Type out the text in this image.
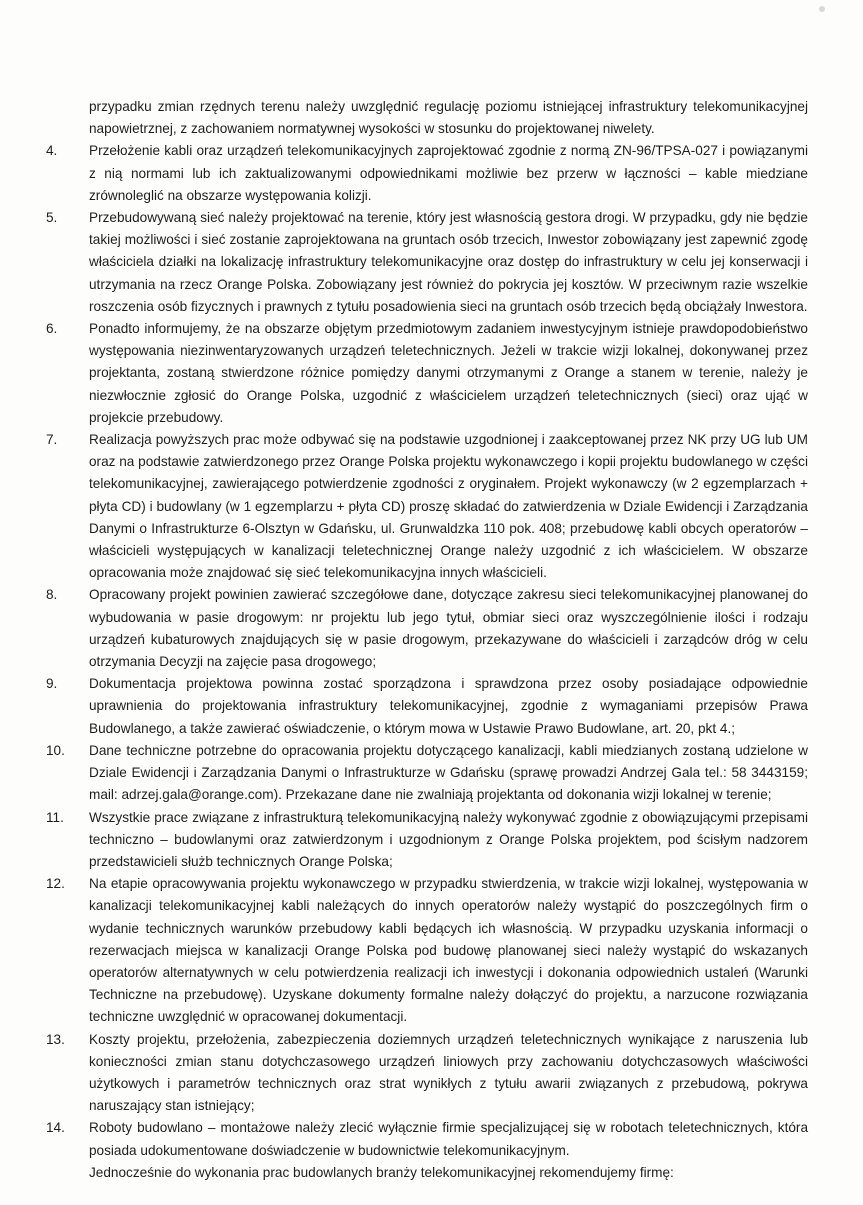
przypadku zmian rzędnych terenu należy uwzględnić regulację poziomu istniejącej infrastruktury telekomunikacyjnej napowietrznej, z zachowaniem normatywnej wysokości w stosunku do projektowanej niwelety.
4. Przełożenie kabli oraz urządzeń telekomunikacyjnych zaprojektować zgodnie z normą ZN-96/TPSA-027 i powiązanymi z nią normami lub ich zaktualizowanymi odpowiednikami możliwie bez przerw w łączności – kable miedziane zrównoleglić na obszarze występowania kolizji.
5. Przebudowywaną sieć należy projektować na terenie, który jest własnością gestora drogi. W przypadku, gdy nie będzie takiej możliwości i sieć zostanie zaprojektowana na gruntach osób trzecich, Inwestor zobowiązany jest zapewnić zgodę właściciela działki na lokalizację infrastruktury telekomunikacyjne oraz dostęp do infrastruktury w celu jej konserwacji i utrzymania na rzecz Orange Polska. Zobowiązany jest również do pokrycia jej kosztów. W przeciwnym razie wszelkie roszczenia osób fizycznych i prawnych z tytułu posadowienia sieci na gruntach osób trzecich będą obciążały Inwestora.
6. Ponadto informujemy, że na obszarze objętym przedmiotowym zadaniem inwestycyjnym istnieje prawdopodobieństwo występowania niezinwentaryzowanych urządzeń teletechnicznych. Jeżeli w trakcie wizji lokalnej, dokonywanej przez projektanta, zostaną stwierdzone różnice pomiędzy danymi otrzymanymi z Orange a stanem w terenie, należy je niezwłocznie zgłosić do Orange Polska, uzgodnić z właścicielem urządzeń teletechnicznych (sieci) oraz ująć w projekcie przebudowy.
7. Realizacja powyższych prac może odbywać się na podstawie uzgodnionej i zaakceptowanej przez NK przy UG lub UM oraz na podstawie zatwierdzonego przez Orange Polska projektu wykonawczego i kopii projektu budowlanego w części telekomunikacyjnej, zawierającego potwierdzenie zgodności z oryginałem. Projekt wykonawczy (w 2 egzemplarzach + płyta CD) i budowlany (w 1 egzemplarzu + płyta CD) proszę składać do zatwierdzenia w Dziale Ewidencji i Zarządzania Danymi o Infrastrukturze 6-Olsztyn w Gdańsku, ul. Grunwaldzka 110 pok. 408; przebudowę kabli obcych operatorów – właścicieli występujących w kanalizacji teletechnicznej Orange należy uzgodnić z ich właścicielem. W obszarze opracowania może znajdować się sieć telekomunikacyjna innych właścicieli.
8. Opracowany projekt powinien zawierać szczegółowe dane, dotyczące zakresu sieci telekomunikacyjnej planowanej do wybudowania w pasie drogowym: nr projektu lub jego tytuł, obmiar sieci oraz wyszczególnienie ilości i rodzaju urządzeń kubaturowych znajdujących się w pasie drogowym, przekazywane do właścicieli i zarządców dróg w celu otrzymania Decyzji na zajęcie pasa drogowego;
9. Dokumentacja projektowa powinna zostać sporządzona i sprawdzona przez osoby posiadające odpowiednie uprawnienia do projektowania infrastruktury telekomunikacyjnej, zgodnie z wymaganiami przepisów Prawa Budowlanego, a także zawierać oświadczenie, o którym mowa w Ustawie Prawo Budowlane, art. 20, pkt 4.;
10. Dane techniczne potrzebne do opracowania projektu dotyczącego kanalizacji, kabli miedzianych zostaną udzielone w Dziale Ewidencji i Zarządzania Danymi o Infrastrukturze w Gdańsku (sprawę prowadzi Andrzej Gala tel.: 58 3443159; mail: adrzej.gala@orange.com). Przekazane dane nie zwalniają projektanta od dokonania wizji lokalnej w terenie;
11. Wszystkie prace związane z infrastrukturą telekomunikacyjną należy wykonywać zgodnie z obowiązującymi przepisami techniczno – budowlanymi oraz zatwierdzonym i uzgodnionym z Orange Polska projektem, pod ścisłym nadzorem przedstawicieli służb technicznych Orange Polska;
12. Na etapie opracowywania projektu wykonawczego w przypadku stwierdzenia, w trakcie wizji lokalnej, występowania w kanalizacji telekomunikacyjnej kabli należących do innych operatorów należy wystąpić do poszczególnych firm o wydanie technicznych warunków przebudowy kabli będących ich własnością. W przypadku uzyskania informacji o rezerwacjach miejsca w kanalizacji Orange Polska pod budowę planowanej sieci należy wystąpić do wskazanych operatorów alternatywnych w celu potwierdzenia realizacji ich inwestycji i dokonania odpowiednich ustaleń (Warunki Techniczne na przebudowę). Uzyskane dokumenty formalne należy dołączyć do projektu, a narzucone rozwiązania techniczne uwzględnić w opracowanej dokumentacji.
13. Koszty projektu, przełożenia, zabezpieczenia doziemnych urządzeń teletechnicznych wynikające z naruszenia lub konieczności zmian stanu dotychczasowego urządzeń liniowych przy zachowaniu dotychczasowych właściwości użytkowych i parametrów technicznych oraz strat wynikłych z tytułu awarii związanych z przebudową, pokrywa naruszający stan istniejący;
14. Roboty budowlano – montażowe należy zlecić wyłącznie firmie specjalizującej się w robotach teletechnicznych, która posiada udokumentowane doświadczenie w budownictwie telekomunikacyjnym.
Jednocześnie do wykonania prac budowlanych branży telekomunikacyjnej rekomendujemy firmę:
